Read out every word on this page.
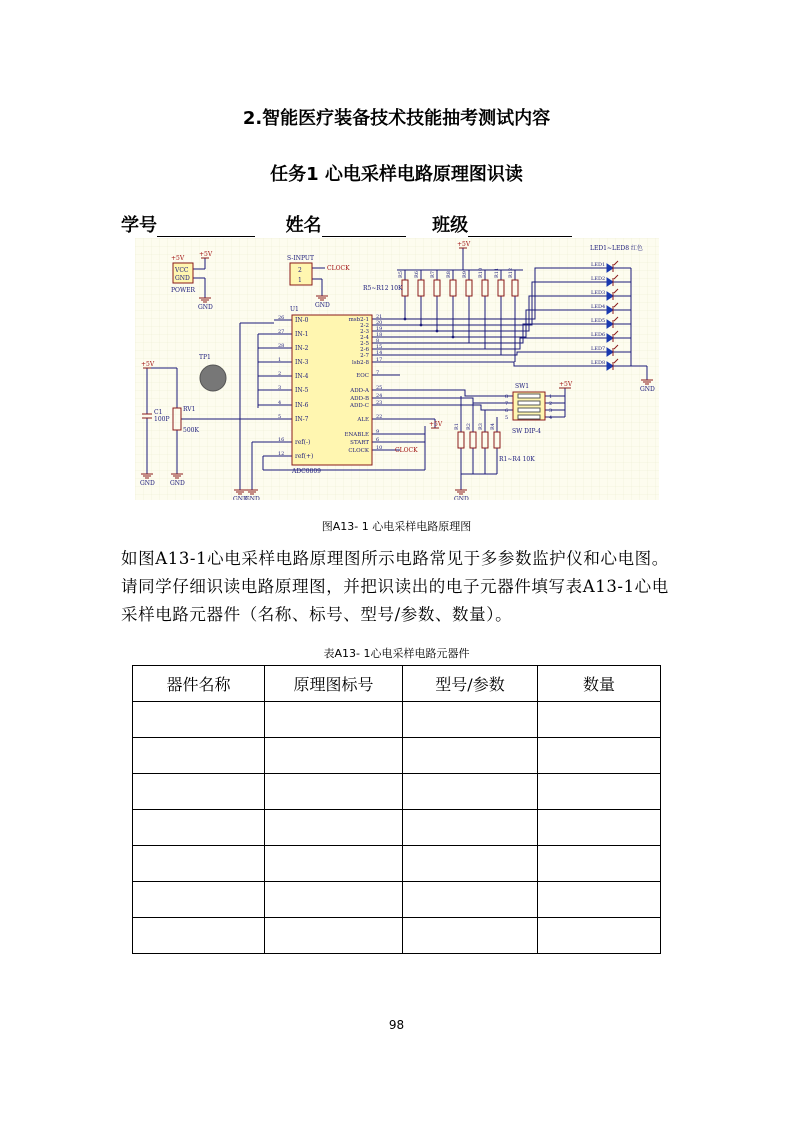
2.智能医疗装备技术技能抽考测试内容
任务1 心电采样电路原理图识读
学号	姓名	班级
VCC
GND
POWER
+5V
+5V
GND
S-INPUT
2
1
CLOCK
GND
U1
ADC0809
IN-0
26
IN-1
27
IN-2
28
IN-3
1
IN-4
2
IN-5
3
IN-6
4
IN-7
5
ref(-)
16
ref(+)
12
msb2-1 21
2-2 20
2-3 19
2-4 18
2-5 8
2-6 15
2-7 14
lsb2-8 17
EOC 7
ADD-A 25
ADD-B 24
ADD-C 23
ALE 22
ENABLE 9
START 6
CLOCK 10
GND
TP1
+5V
GND
RV1
500K
GND
C1
100P
GND
+5V
R5~R12 10K
R5 R6 R7 R8 R9 R10 R11 R12
LED1~LED8 红色
LED1
LED2
LED3
LED4
LED5
LED6
LED7
LED8
GND
SW1
SW DIP-4
8	1
7	2
6	3
5	4
+5V
R1 R2 R3 R4
GND
R1~R4 10K
+5V
CLOCK
图A13- 1 心电采样电路原理图
如图A13-1心电采样电路原理图所示电路常见于多参数监护仪和心电图。请同学仔细识读电路原理图，并把识读出的电子元器件填写表A13-1心电采样电路元器件（名称、标号、型号/参数、数量）。
表A13- 1心电采样电路元器件
器件名称	原理图标号	型号/参数	数量

98
